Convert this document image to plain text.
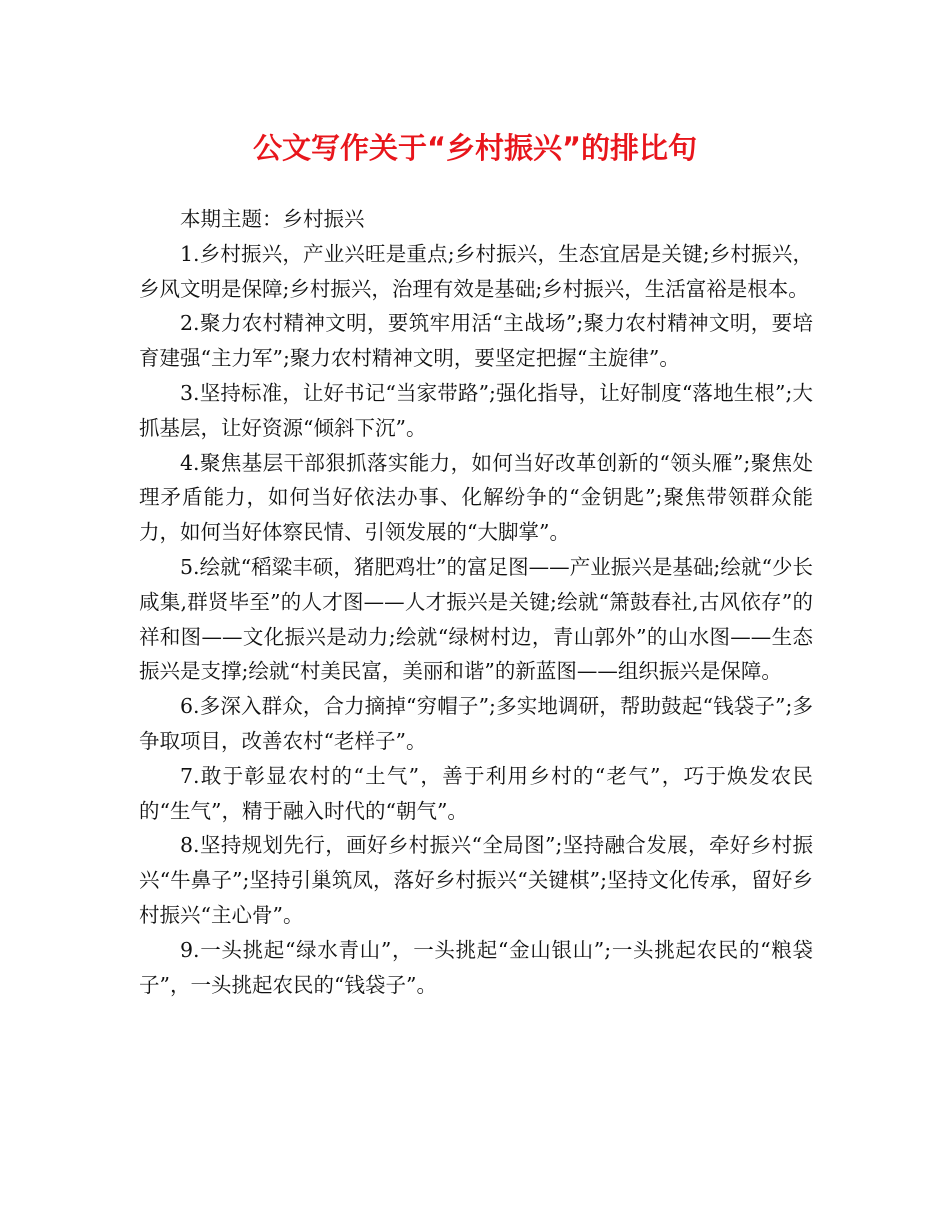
公文写作关于“乡村振兴”的排比句

本期主题：乡村振兴

1.乡村振兴，产业兴旺是重点;乡村振兴，生态宜居是关键;乡村振兴，乡风文明是保障;乡村振兴，治理有效是基础;乡村振兴，生活富裕是根本。

2.聚力农村精神文明，要筑牢用活“主战场”;聚力农村精神文明，要培育建强“主力军”;聚力农村精神文明，要坚定把握“主旋律”。

3.坚持标准，让好书记“当家带路”;强化指导，让好制度“落地生根”;大抓基层，让好资源“倾斜下沉”。

4.聚焦基层干部狠抓落实能力，如何当好改革创新的“领头雁”;聚焦处理矛盾能力，如何当好依法办事、化解纷争的“金钥匙”;聚焦带领群众能力，如何当好体察民情、引领发展的“大脚掌”。

5.绘就“稻粱丰硕，猪肥鸡壮”的富足图——产业振兴是基础;绘就“少长咸集,群贤毕至”的人才图——人才振兴是关键;绘就“箫鼓春社,古风依存”的祥和图——文化振兴是动力;绘就“绿树村边，青山郭外”的山水图——生态振兴是支撑;绘就“村美民富，美丽和谐”的新蓝图——组织振兴是保障。

6.多深入群众，合力摘掉“穷帽子”;多实地调研，帮助鼓起“钱袋子”;多争取项目，改善农村“老样子”。

7.敢于彰显农村的“土气”，善于利用乡村的“老气”，巧于焕发农民的“生气”，精于融入时代的“朝气”。

8.坚持规划先行，画好乡村振兴“全局图”;坚持融合发展，牵好乡村振兴“牛鼻子”;坚持引巢筑凤，落好乡村振兴“关键棋”;坚持文化传承，留好乡村振兴“主心骨”。

9.一头挑起“绿水青山”，一头挑起“金山银山”;一头挑起农民的“粮袋子”，一头挑起农民的“钱袋子”。
